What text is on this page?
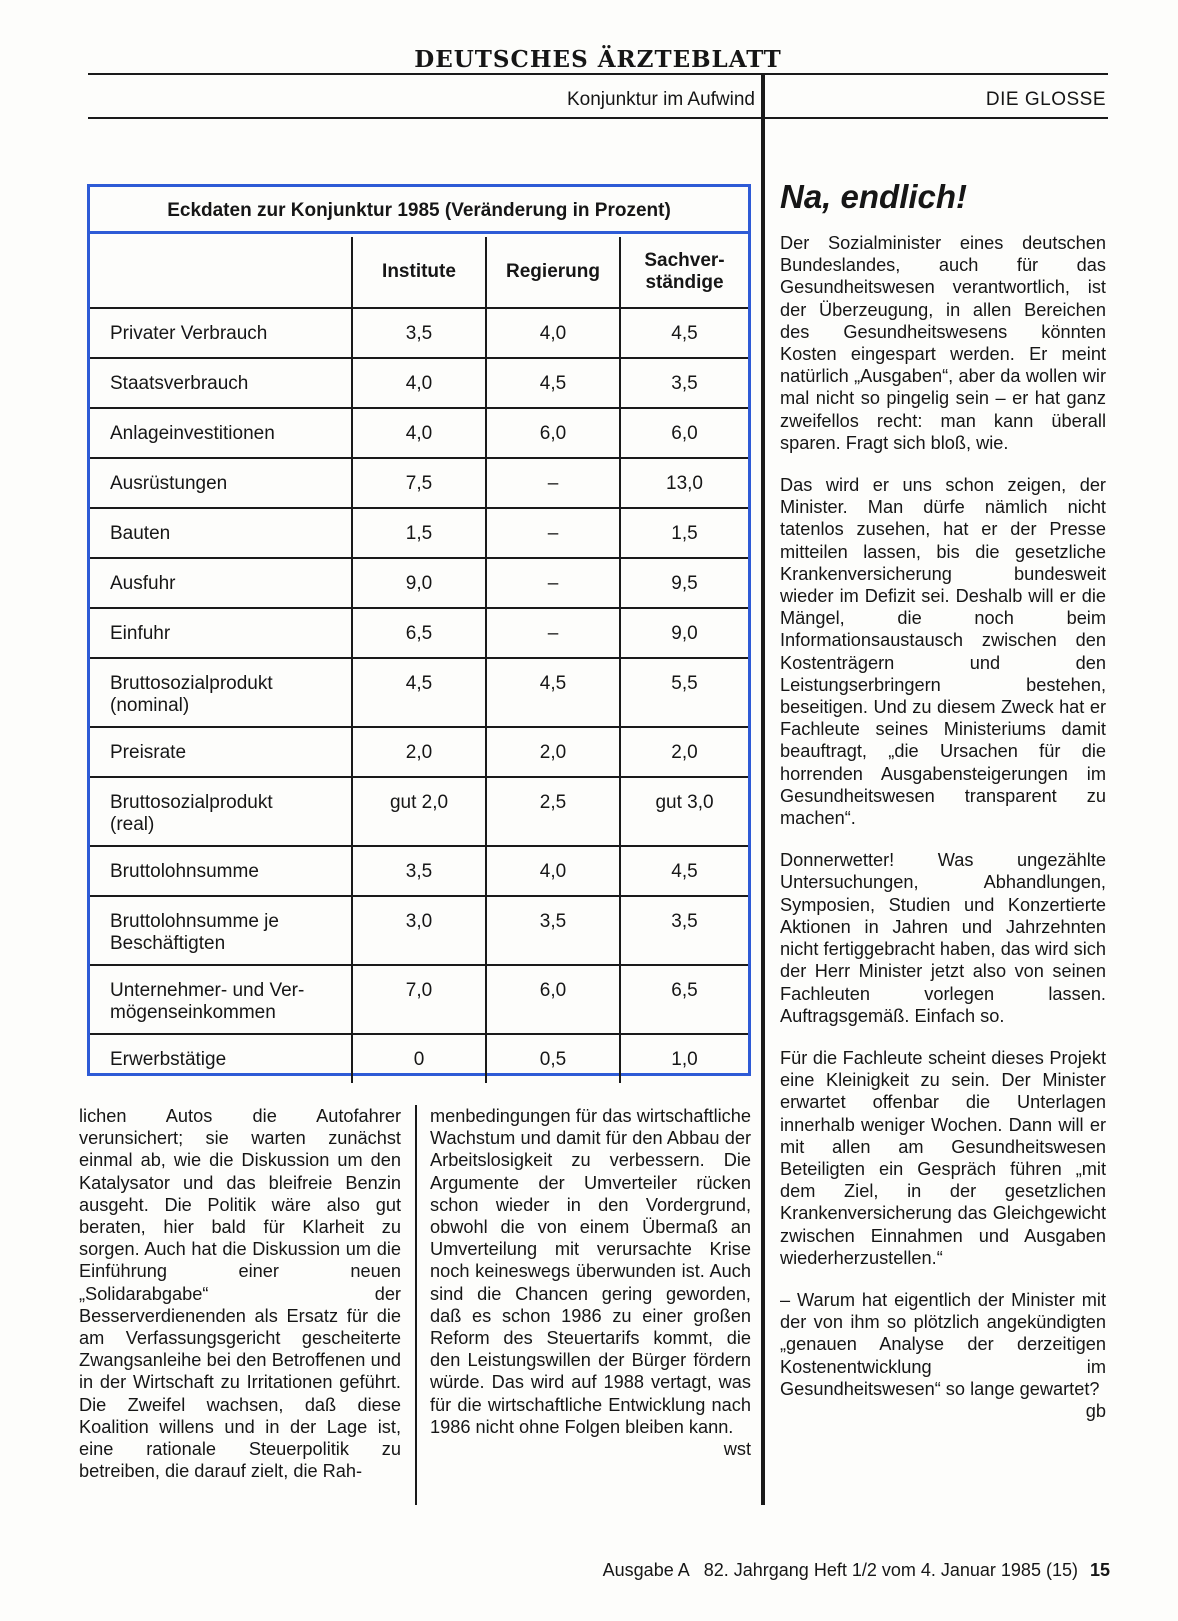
DEUTSCHES ÄRZTEBLATT
Konjunktur im Aufwind	DIE GLOSSE
Eckdaten zur Konjunktur 1985 (Veränderung in Prozent)
	Institute	Regierung	Sachver-
ständige
Privater Verbrauch	3,5	4,0	4,5
Staatsverbrauch	4,0	4,5	3,5
Anlageinvestitionen	4,0	6,0	6,0
Ausrüstungen	7,5	–	13,0
Bauten	1,5	–	1,5
Ausfuhr	9,0	–	9,5
Einfuhr	6,5	–	9,0
Bruttosozialprodukt
(nominal)	4,5	4,5	5,5
Preisrate	2,0	2,0	2,0
Bruttosozialprodukt
(real)	gut 2,0	2,5	gut 3,0
Bruttolohnsumme	3,5	4,0	4,5
Bruttolohnsumme je
Beschäftigten	3,0	3,5	3,5
Unternehmer- und Ver-
mögenseinkommen	7,0	6,0	6,5
Erwerbstätige	0	0,5	1,0

lichen Autos die Autofahrer verunsichert; sie warten zunächst einmal ab, wie die Diskussion um den Katalysator und das bleifreie Benzin ausgeht. Die Politik wäre also gut beraten, hier bald für Klarheit zu sorgen. Auch hat die Diskussion um die Einführung einer neuen „Solidarabgabe“ der Besserverdienenden als Ersatz für die am Verfassungsgericht gescheiterte Zwangsanleihe bei den Betroffenen und in der Wirtschaft zu Irritationen geführt. Die Zweifel wachsen, daß diese Koalition willens und in der Lage ist, eine rationale Steuerpolitik zu betreiben, die darauf zielt, die Rah-

menbedingungen für das wirtschaftliche Wachstum und damit für den Abbau der Arbeitslosigkeit zu verbessern. Die Argumente der Umverteiler rücken schon wieder in den Vordergrund, obwohl die von einem Übermaß an Umverteilung mit verursachte Krise noch keineswegs überwunden ist. Auch sind die Chancen gering geworden, daß es schon 1986 zu einer großen Reform des Steuertarifs kommt, die den Leistungswillen der Bürger fördern würde. Das wird auf 1988 vertagt, was für die wirtschaftliche Entwicklung nach 1986 nicht ohne Folgen bleiben kann.
wst

Na, endlich!

Der Sozialminister eines deutschen Bundeslandes, auch für das Gesundheitswesen verantwortlich, ist der Überzeugung, in allen Bereichen des Gesundheitswesens könnten Kosten eingespart werden. Er meint natürlich „Ausgaben“, aber da wollen wir mal nicht so pingelig sein – er hat ganz zweifellos recht: man kann überall sparen. Fragt sich bloß, wie.

Das wird er uns schon zeigen, der Minister. Man dürfe nämlich nicht tatenlos zusehen, hat er der Presse mitteilen lassen, bis die gesetzliche Krankenversicherung bundesweit wieder im Defizit sei. Deshalb will er die Mängel, die noch beim Informationsaustausch zwischen den Kostenträgern und den Leistungserbringern bestehen, beseitigen. Und zu diesem Zweck hat er Fachleute seines Ministeriums damit beauftragt, „die Ursachen für die horrenden Ausgabensteigerungen im Gesundheitswesen transparent zu machen“.

Donnerwetter! Was ungezählte Untersuchungen, Abhandlungen, Symposien, Studien und Konzertierte Aktionen in Jahren und Jahrzehnten nicht fertiggebracht haben, das wird sich der Herr Minister jetzt also von seinen Fachleuten vorlegen lassen. Auftragsgemäß. Einfach so.

Für die Fachleute scheint dieses Projekt eine Kleinigkeit zu sein. Der Minister erwartet offenbar die Unterlagen innerhalb weniger Wochen. Dann will er mit allen am Gesundheitswesen Beteiligten ein Gespräch führen „mit dem Ziel, in der gesetzlichen Krankenversicherung das Gleichgewicht zwischen Einnahmen und Ausgaben wiederherzustellen.“

– Warum hat eigentlich der Minister mit der von ihm so plötzlich angekündigten „genauen Analyse der derzeitigen Kostenentwicklung im Gesundheitswesen“ so lange gewartet?
gb

Ausgabe A   82. Jahrgang Heft 1/2 vom 4. Januar 1985 (15) 15
